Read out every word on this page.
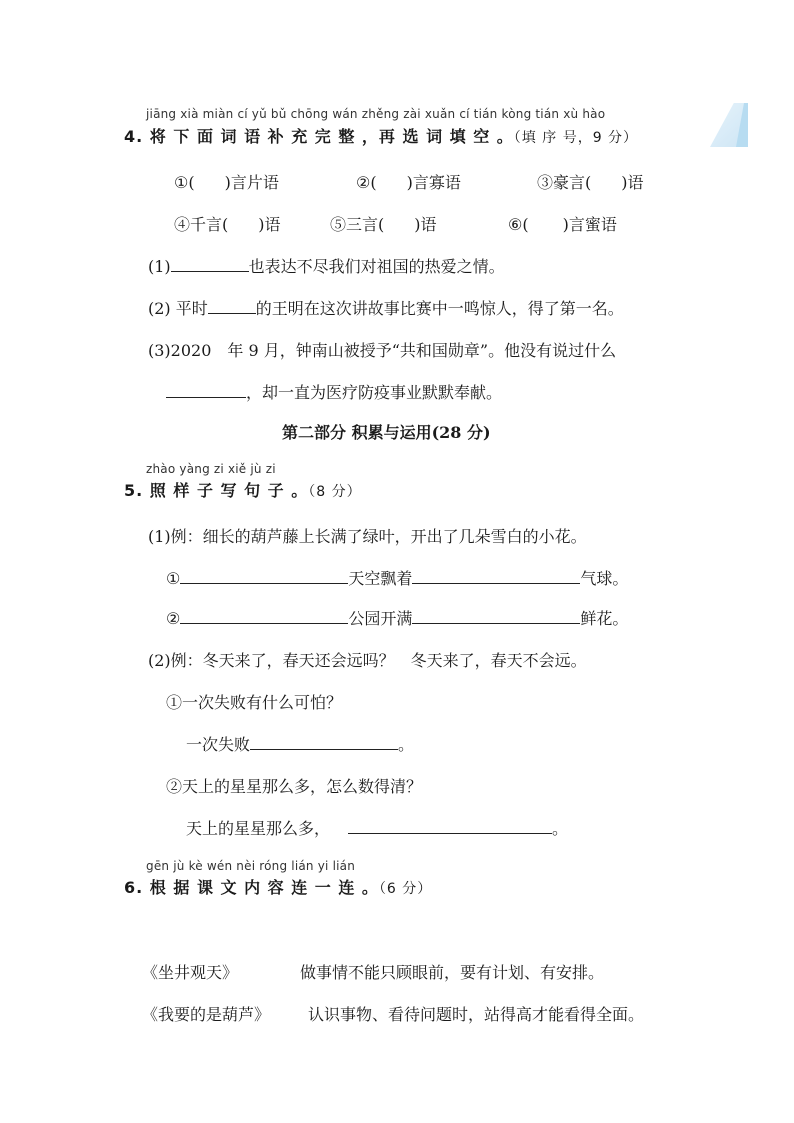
jiāng xià miàn cí yǔ bǔ chōng wán zhěng zài xuǎn cí tián kòng tián xù hào
4. 将 下 面 词 语 补 充 完 整 ，再 选 词 填 空 。（填 序 号，9 分）
①( )言片语	②( )言寡语	③豪言( )语
④千言( )语	⑤三言( )语	⑥( )言蜜语
(1)	也表达不尽我们对祖国的热爱之情。
(2) 平时	的王明在这次讲故事比赛中一鸣惊人，得了第一名。
(3)2020　年 9 月，钟南山被授予“共和国勋章”。他没有说过什么
，却一直为医疗防疫事业默默奉献。
第二部分 积累与运用(28 分)
zhào yàng zi xiě jù zi
5. 照 样 子 写 句 子 。（8 分）
(1)例：细长的葫芦藤上长满了绿叶，开出了几朵雪白的小花。
①	天空飘着	气球。
②	公园开满	鲜花。
(2)例：冬天来了，春天还会远吗？　冬天来了，春天不会远。
①一次失败有什么可怕？
一次失败	。
②天上的星星那么多，怎么数得清？
天上的星星那么多，	。
gēn jù kè wén nèi róng lián yi lián
6. 根 据 课 文 内 容 连 一 连 。（6 分）
《坐井观天》	做事情不能只顾眼前，要有计划、有安排。
《我要的是葫芦》 认识事物、看待问题时，站得高才能看得全面。
